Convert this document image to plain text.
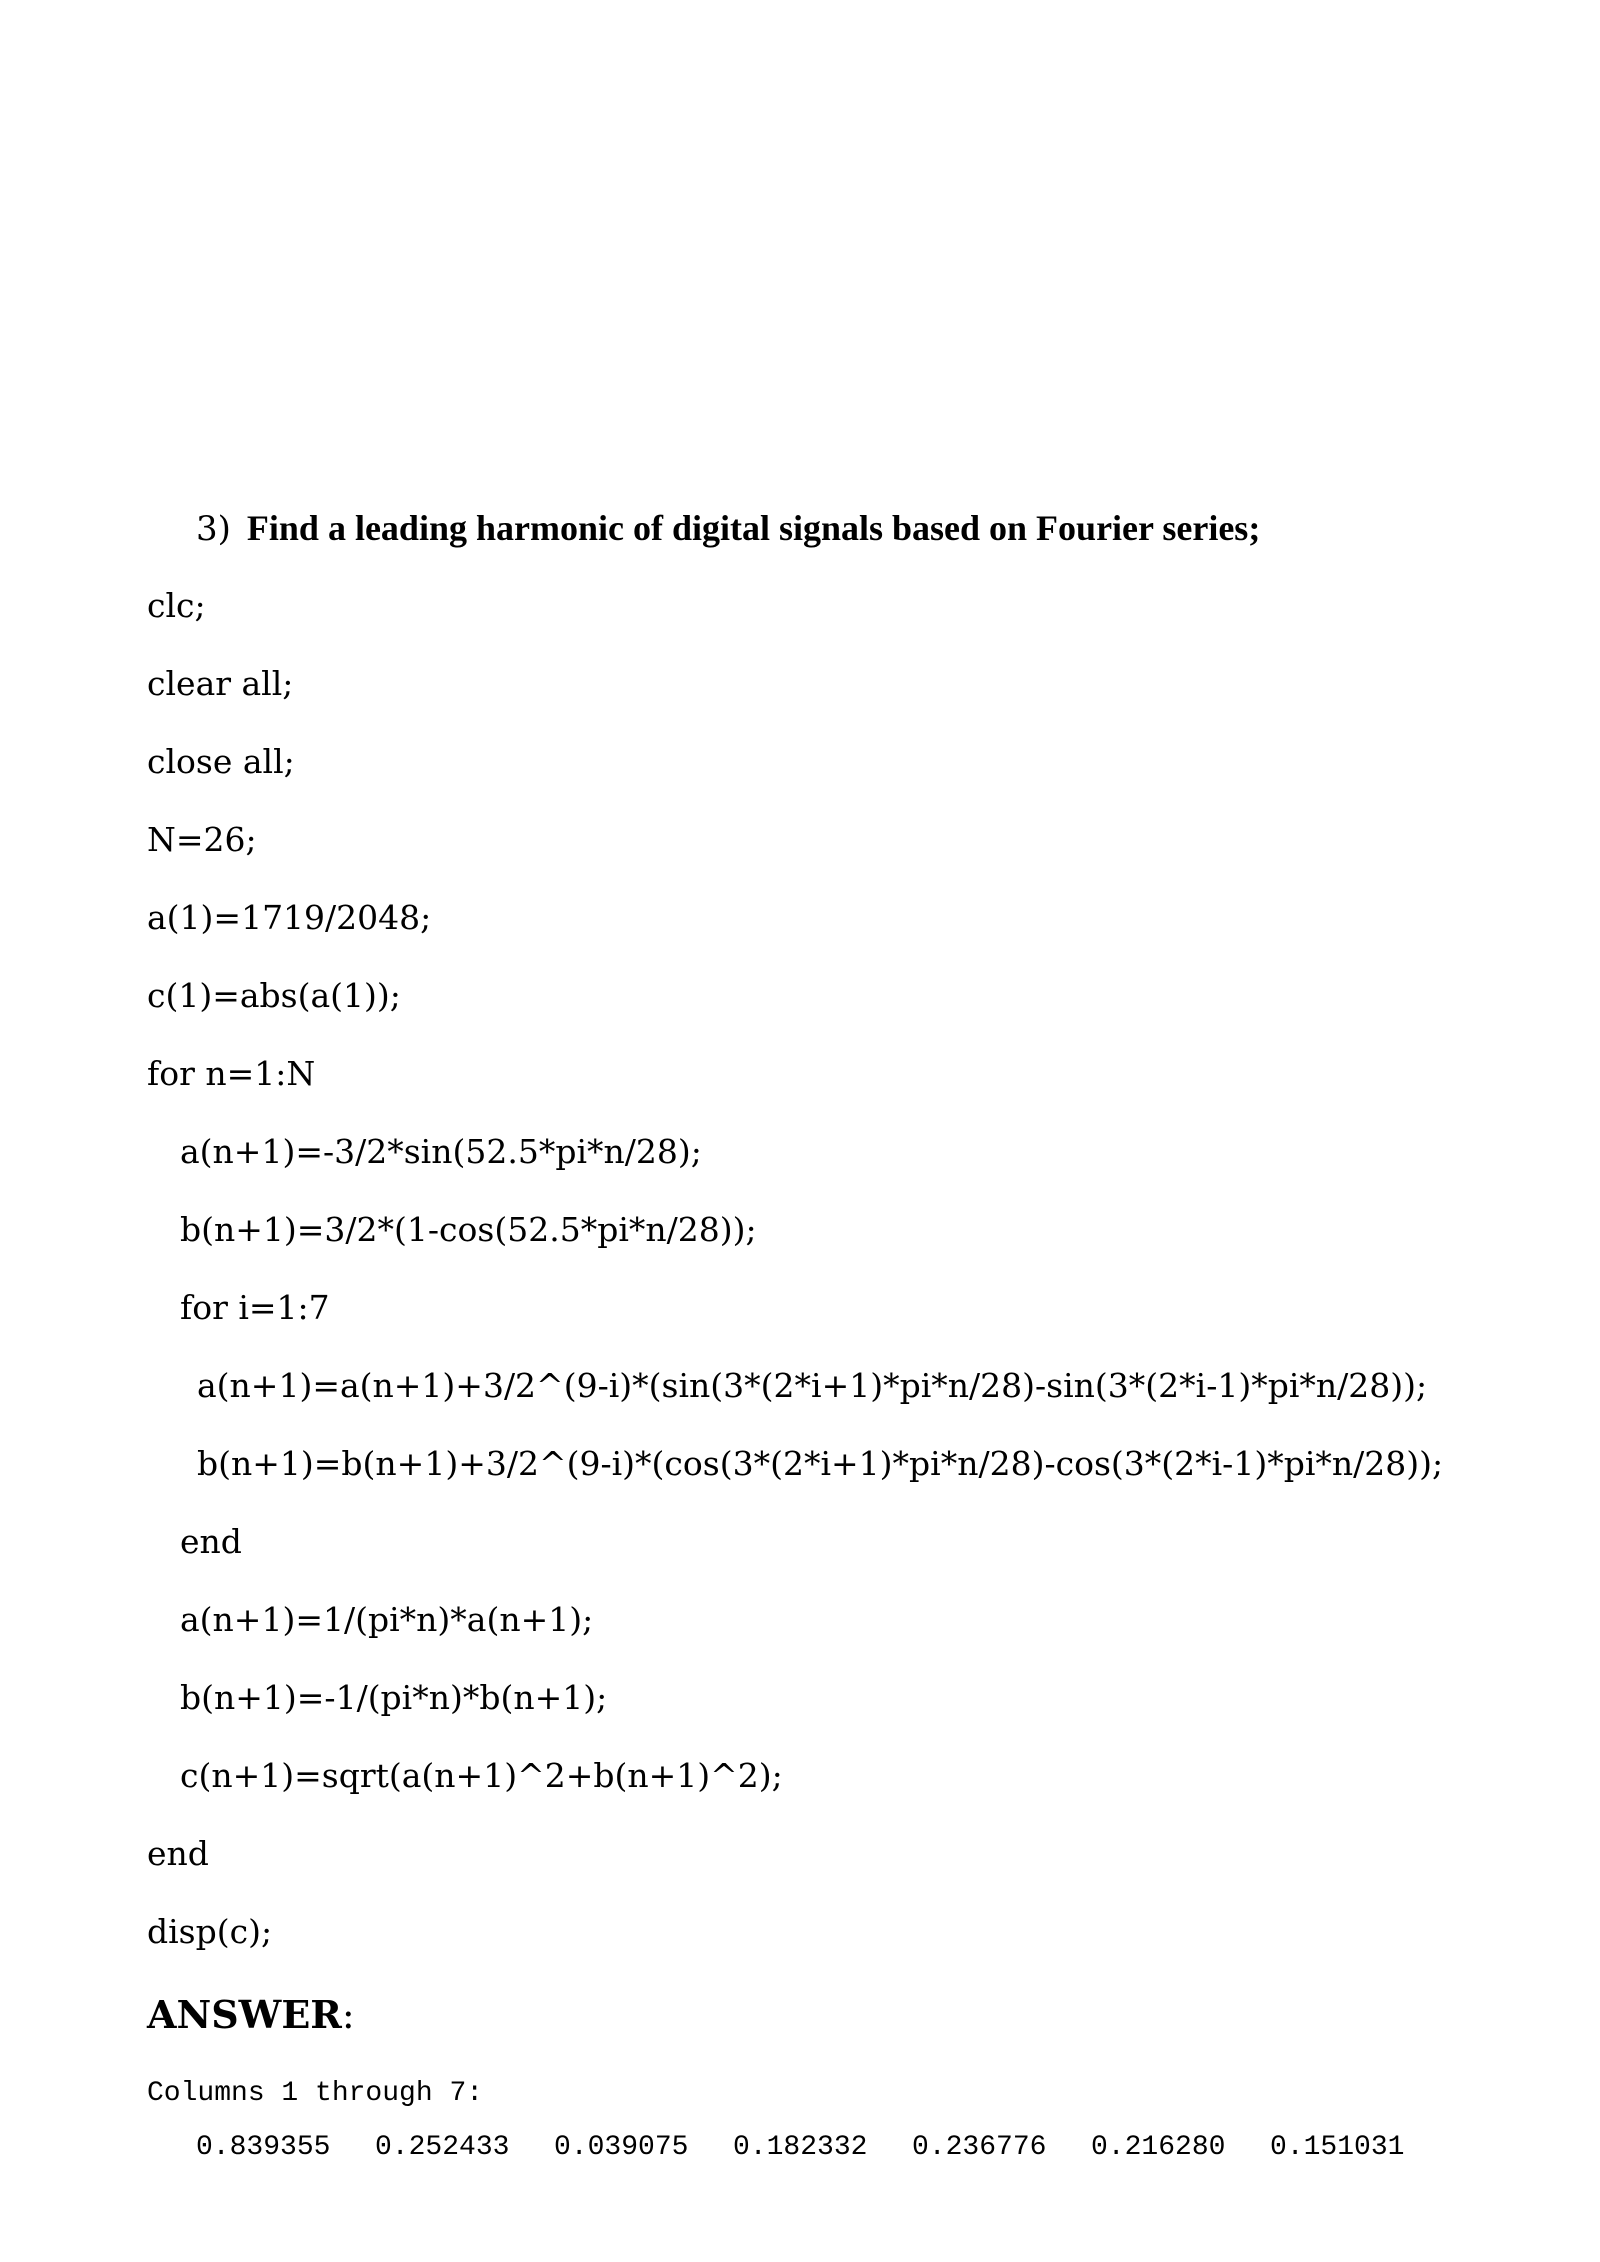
3) Find a leading harmonic of digital signals based on Fourier series;
clc;
clear all;
close all;
N=26;
a(1)=1719/2048;
c(1)=abs(a(1));
for n=1:N
a(n+1)=-3/2*sin(52.5*pi*n/28);
b(n+1)=3/2*(1-cos(52.5*pi*n/28));
for i=1:7
a(n+1)=a(n+1)+3/2^(9-i)*(sin(3*(2*i+1)*pi*n/28)-sin(3*(2*i-1)*pi*n/28));
b(n+1)=b(n+1)+3/2^(9-i)*(cos(3*(2*i+1)*pi*n/28)-cos(3*(2*i-1)*pi*n/28));
end
a(n+1)=1/(pi*n)*a(n+1);
b(n+1)=-1/(pi*n)*b(n+1);
c(n+1)=sqrt(a(n+1)^2+b(n+1)^2);
end
disp(c);
ANSWER:
Columns 1 through 7:
0.839355	0.252433	0.039075	0.182332	0.236776	0.216280	0.151031
